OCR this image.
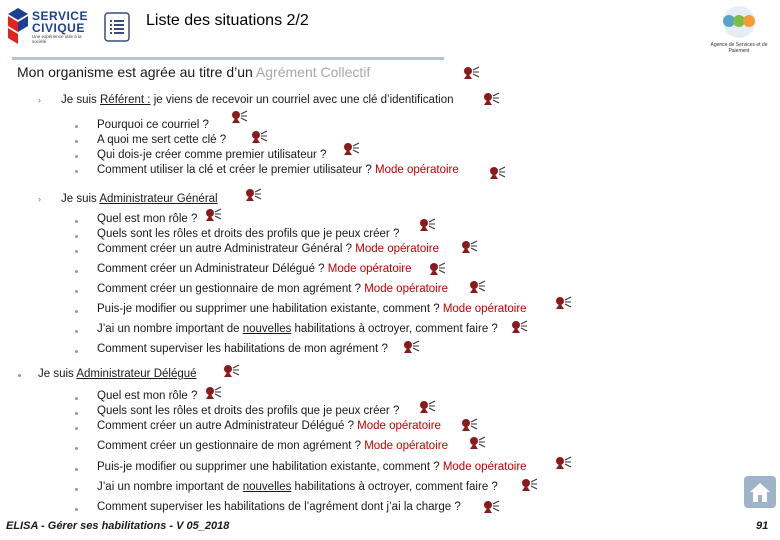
SERVICE
CIVIQUE
Une expérience utile à la société
Liste des situations 2/2
Agence de Services et de Paiement
Mon organisme est agrée au titre d’un Agrément Collectif
› Je suis Référent : je viens de recevoir un courriel avec une clé d’identification
Pourquoi ce courriel ?
A quoi me sert cette clé ?
Qui dois-je créer comme premier utilisateur ?
Comment utiliser la clé et créer le premier utilisateur ? Mode opératoire
› Je suis Administrateur Général
Quel est mon rôle ?
Quels sont les rôles et droits des profils que je peux créer ?
Comment créer un autre Administrateur Général ? Mode opératoire
Comment créer un Administrateur Délégué ? Mode opératoire
Comment créer un gestionnaire de mon agrément ? Mode opératoire
Puis-je modifier ou supprimer une habilitation existante, comment ? Mode opératoire
J’ai un nombre important de nouvelles habilitations à octroyer, comment faire ?
Comment superviser les habilitations de mon agrément ?
Je suis Administrateur Délégué
Quel est mon rôle ?
Quels sont les rôles et droits des profils que je peux créer ?
Comment créer un autre Administrateur Délégué ? Mode opératoire
Comment créer un gestionnaire de mon agrément ? Mode opératoire
Puis-je modifier ou supprimer une habilitation existante, comment ? Mode opératoire
J’ai un nombre important de nouvelles habilitations à octroyer, comment faire ?
Comment superviser les habilitations de l’agrément dont j’ai la charge ?
ELISA - Gérer ses habilitations - V 05_2018	91
